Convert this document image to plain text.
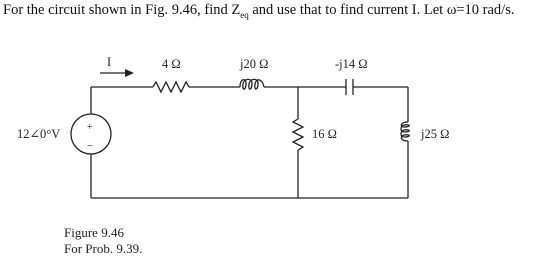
For the circuit shown in Fig. 9.46, find $Z_{eq}$ and use that to find current I. Let ω=10 rad/s.
I	4 Ω	j20 Ω	-j14 Ω
12∠0°V	+
−
16 Ω	j25 Ω
Figure 9.46
For Prob. 9.39.
